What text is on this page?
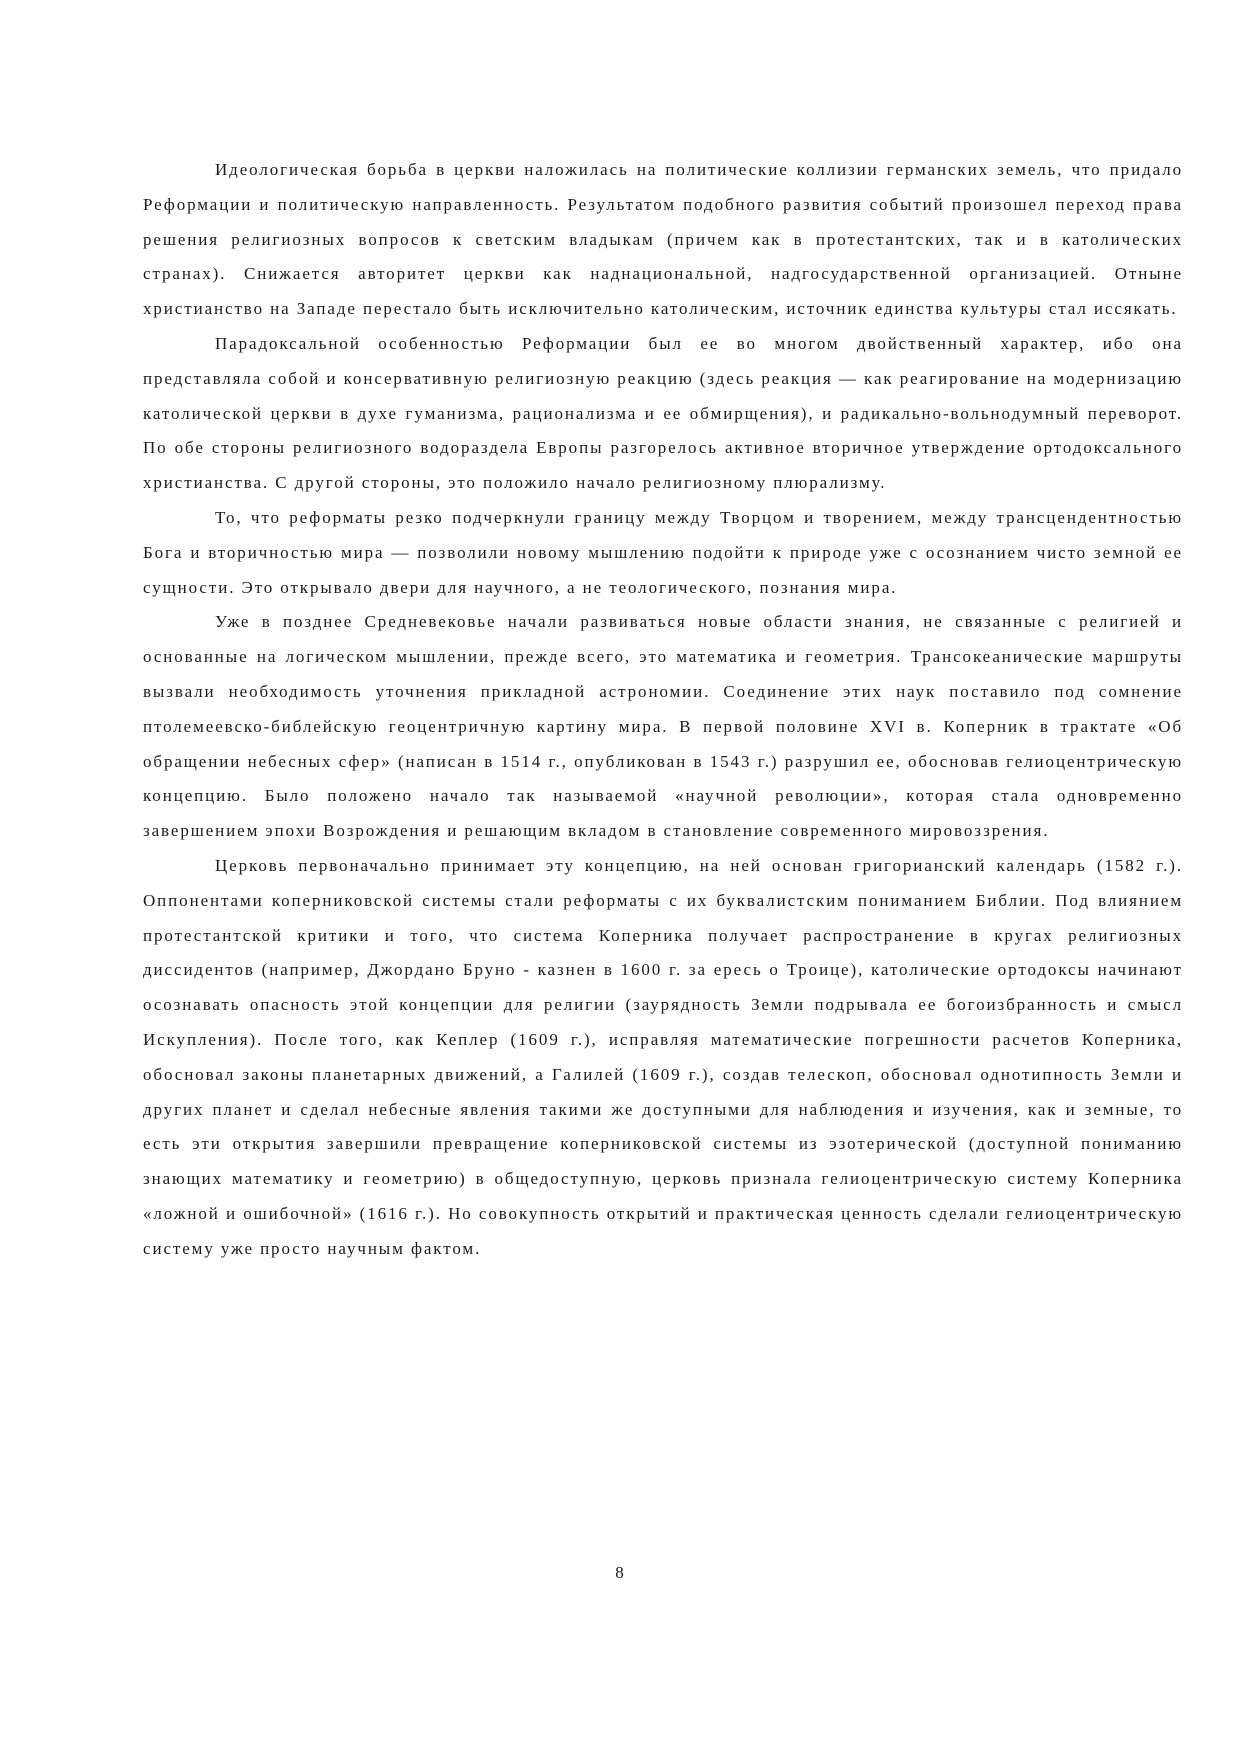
Идеологическая борьба в церкви наложилась на политические коллизии германских земель, что придало Реформации и политическую направленность. Результатом подобного развития событий произошел переход права решения религиозных вопросов к светским владыкам (причем как в протестантских, так и в католических странах). Снижается авторитет церкви как наднациональной, надгосударственной организацией. Отныне христианство на Западе перестало быть исключительно католическим, источник единства культуры стал иссякать.

Парадоксальной особенностью Реформации был ее во многом двойственный характер, ибо она представляла собой и консервативную религиозную реакцию (здесь реакция — как реагирование на модернизацию католической церкви в духе гуманизма, рационализма и ее обмирщения), и радикально-вольнодумный переворот. По обе стороны религиозного водораздела Европы разгорелось активное вторичное утверждение ортодоксального христианства. С другой стороны, это положило начало религиозному плюрализму.

То, что реформаты резко подчеркнули границу между Творцом и творением, между трансцендентностью Бога и вторичностью мира — позволили новому мышлению подойти к природе уже с осознанием чисто земной ее сущности. Это открывало двери для научного, а не теологического, познания мира.

Уже в позднее Средневековье начали развиваться новые области знания, не связанные с религией и основанные на логическом мышлении, прежде всего, это математика и геометрия. Трансокеанические маршруты вызвали необходимость уточнения прикладной астрономии. Соединение этих наук поставило под сомнение птолемеевско-библейскую геоцентричную картину мира. В первой половине XVI в. Коперник в трактате «Об обращении небесных сфер» (написан в 1514 г., опубликован в 1543 г.) разрушил ее, обосновав гелиоцентрическую концепцию. Было положено начало так называемой «научной революции», которая стала одновременно завершением эпохи Возрождения и решающим вкладом в становление современного мировоззрения.

Церковь первоначально принимает эту концепцию, на ней основан григорианский календарь (1582 г.). Оппонентами коперниковской системы стали реформаты с их буквалистским пониманием Библии. Под влиянием протестантской критики и того, что система Коперника получает распространение в кругах религиозных диссидентов (например, Джордано Бруно - казнен в 1600 г. за ересь о Троице), католические ортодоксы начинают осознавать опасность этой концепции для религии (заурядность Земли подрывала ее богоизбранность и смысл Искупления). После того, как Кеплер (1609 г.), исправляя математические погрешности расчетов Коперника, обосновал законы планетарных движений, а Галилей (1609 г.), создав телескоп, обосновал однотипность Земли и других планет и сделал небесные явления такими же доступными для наблюдения и изучения, как и земные, то есть эти открытия завершили превращение коперниковской системы из эзотерической (доступной пониманию знающих математику и геометрию) в общедоступную, церковь признала гелиоцентрическую систему Коперника «ложной и ошибочной» (1616 г.). Но совокупность открытий и практическая ценность сделали гелиоцентрическую систему уже просто научным фактом.

8
